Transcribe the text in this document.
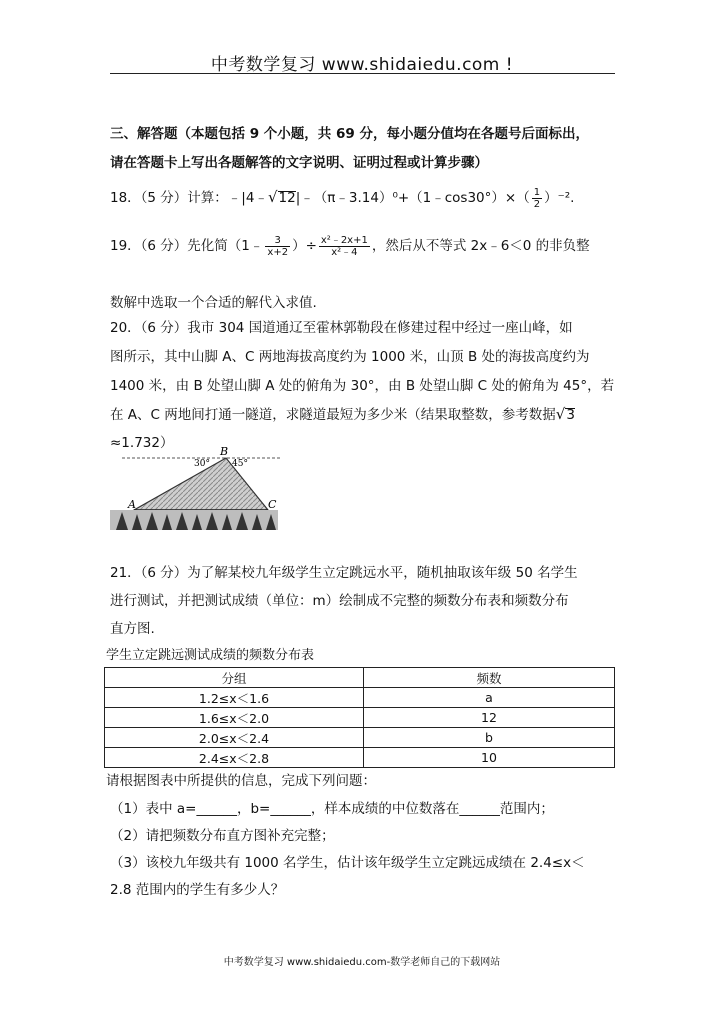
中考数学复习 www.shidaiedu.com !
三、解答题（本题包括 9 个小题，共 69 分，每小题分值均在各题号后面标出，
请在答题卡上写出各题解答的文字说明、证明过程或计算步骤）
18．（5 分）计算：﹣|4﹣√12|﹣（π﹣3.14）⁰+（1﹣cos30°）×（ $\frac{1}{2} )^{-2}$.
19．（6 分）先化简（1﹣ $\frac{3}{x+2}$ ）÷ $\frac{\text{x²﹣2x+1}}{\text{x²﹣4}}$ ，然后从不等式 2x﹣6＜0 的非负整
数解中选取一个合适的解代入求值.
20．（6 分）我市 304 国道通辽至霍林郭勒段在修建过程中经过一座山峰，如
图所示，其中山脚 A、C 两地海拔高度约为 1000 米，山顶 B 处的海拔高度约为
1400 米，由 B 处望山脚 A 处的俯角为 30°，由 B 处望山脚 C 处的俯角为 45°，若
在 A、C 两地间打通一隧道，求隧道最短为多少米（结果取整数，参考数据√3
≈1.732）
B
30° 45°
A	C
21．（6 分）为了解某校九年级学生立定跳远水平，随机抽取该年级 50 名学生
进行测试，并把测试成绩（单位：m）绘制成不完整的频数分布表和频数分布
直方图.
学生立定跳远测试成绩的频数分布表
分组	频数
1.2≤x＜1.6	a
1.6≤x＜2.0	12
2.0≤x＜2.4	b
2.4≤x＜2.8	10
请根据图表中所提供的信息，完成下列问题：
（1）表中 a=______，b=______，样本成绩的中位数落在______范围内；
（2）请把频数分布直方图补充完整；
（3）该校九年级共有 1000 名学生，估计该年级学生立定跳远成绩在 2.4≤x＜
2.8 范围内的学生有多少人？
中考数学复习 www.shidaiedu.com-数学老师自己的下载网站
